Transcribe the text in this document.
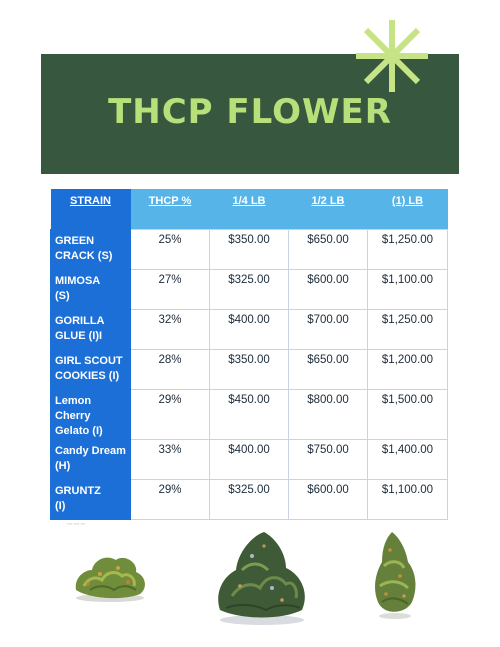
THCP FLOWER
STRAIN	THCP %	1/4 LB	1/2 LB	(1) LB
GREEN
CRACK (S)	25%	$350.00	$650.00	$1,250.00
MIMOSA
(S)	27%	$325.00	$600.00	$1,100.00
GORILLA
GLUE (I)I	32%	$400.00	$700.00	$1,250.00
GIRL SCOUT
COOKIES (I)	28%	$350.00	$650.00	$1,200.00
Lemon
Cherry
Gelato (I)	29%	$450.00	$800.00	$1,500.00
Candy Dream
(H)	33%	$400.00	$750.00	$1,400.00
GRUNTZ
(I)	29%	$325.00	$600.00	$1,100.00
▪▪▪▪ ▪▪▪▪ ▪▪▪
